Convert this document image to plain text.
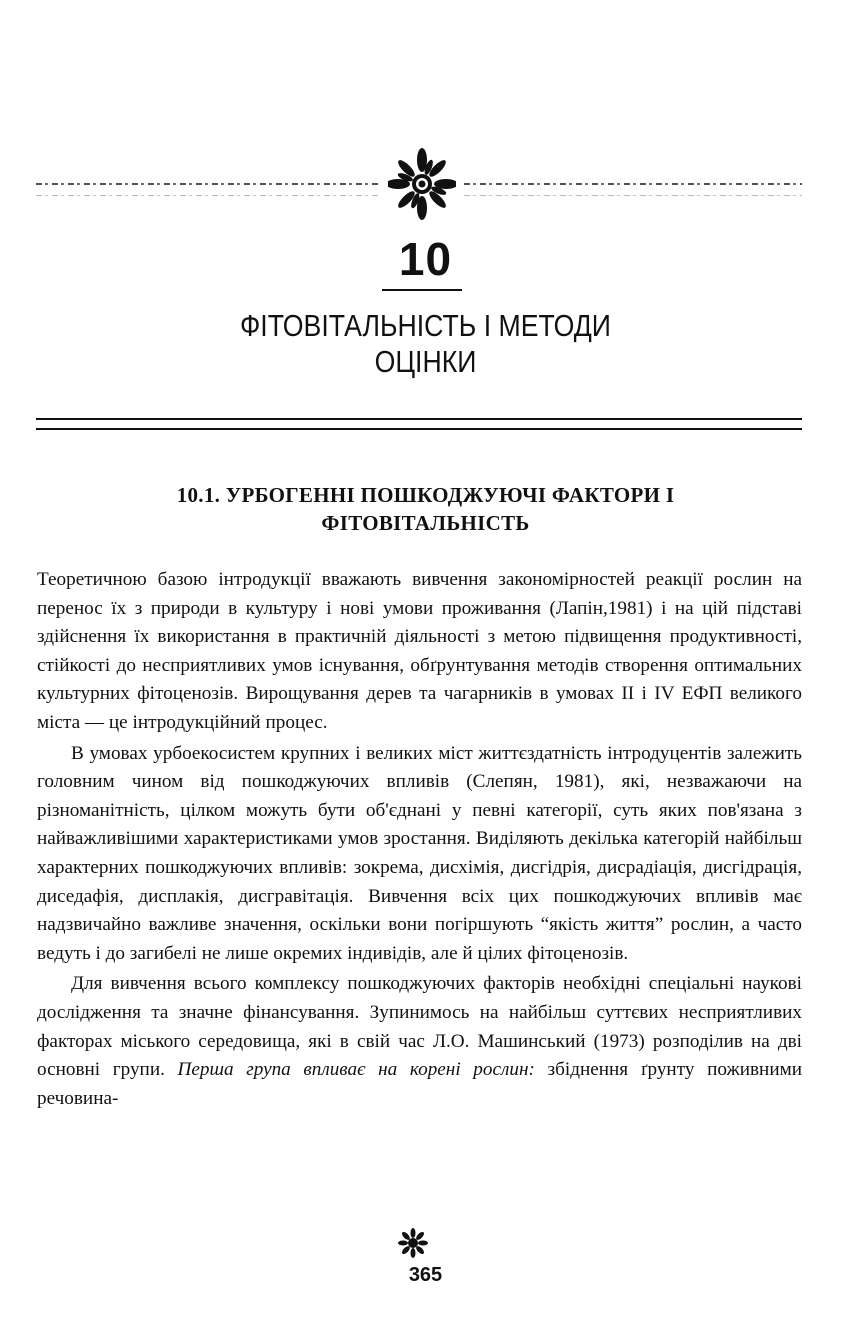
10
ФІТОВІТАЛЬНІСТЬ І МЕТОДИ
ОЦІНКИ
10.1. УРБОГЕННІ ПОШКОДЖУЮЧІ ФАКТОРИ І
ФІТОВІТАЛЬНІСТЬ

Теоретичною базою інтродукції вважають вивчення закономірностей реакції рослин на перенос їх з природи в культуру і нові умови проживання (Лапін,1981) і на цій підставі здійснення їх використання в практичній діяльності з метою підвищення продуктивності, стійкості до несприятливих умов існування, обґрунтування методів створення оптимальних культурних фітоценозів. Вирощування дерев та чагарників в умовах II і IV ЕФП великого міста — це інтродукційний процес.

В умовах урбоекосистем крупних і великих міст життєздатність інтродуцентів залежить головним чином від пошкоджуючих впливів (Слепян, 1981), які, незважаючи на різноманітність, цілком можуть бути об'єднані у певні категорії, суть яких пов'язана з найважливішими характеристиками умов зростання. Виділяють декілька категорій найбільш характерних пошкоджуючих впливів: зокрема, дисхімія, дисгідрія, дисрадіація, дисгідрація, диседафія, дисплакія, дисгравітація. Вивчення всіх цих пошкоджуючих впливів має надзвичайно важливе значення, оскільки вони погіршують “якість життя” рослин, а часто ведуть і до загибелі не лише окремих індивідів, але й цілих фітоценозів.

Для вивчення всього комплексу пошкоджуючих факторів необхідні спеціальні наукові дослідження та значне фінансування. Зупинимось на найбільш суттєвих несприятливих факторах міського середовища, які в свій час Л.О. Машинський (1973) розподілив на дві основні групи. Перша група впливає на корені рослин: збіднення ґрунту поживними речовина-

365
